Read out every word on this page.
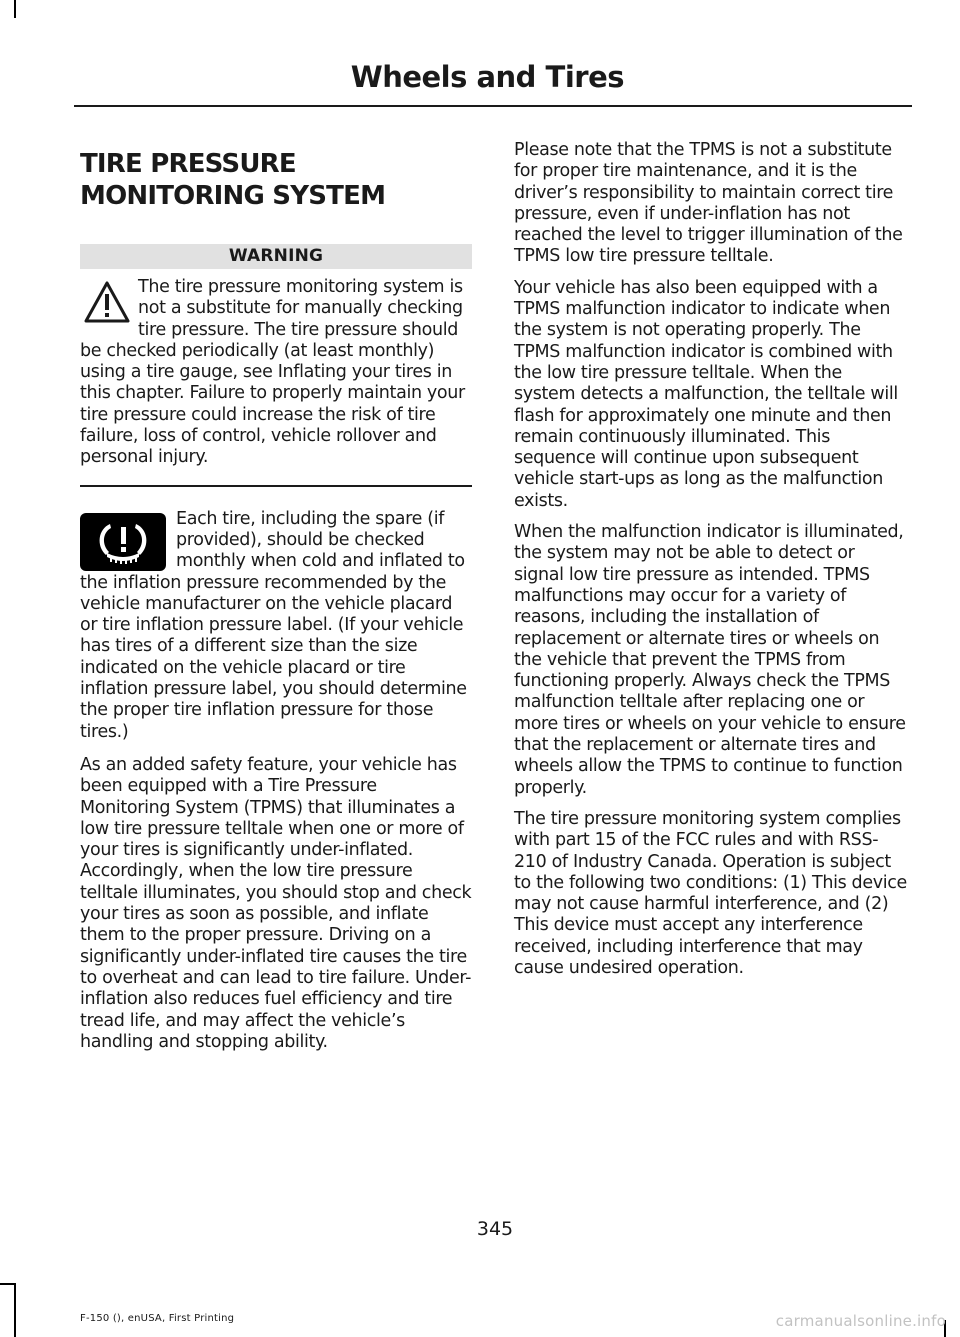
Wheels and Tires
TIRE PRESSURE MONITORING SYSTEM
WARNING
The tire pressure monitoring system is not a substitute for manually checking tire pressure. The tire pressure should be checked periodically (at least monthly) using a tire gauge, see Inflating your tires in this chapter. Failure to properly maintain your tire pressure could increase the risk of tire failure, loss of control, vehicle rollover and personal injury.
Each tire, including the spare (if provided), should be checked monthly when cold and inflated to the inflation pressure recommended by the vehicle manufacturer on the vehicle placard or tire inflation pressure label. (If your vehicle has tires of a different size than the size indicated on the vehicle placard or tire inflation pressure label, you should determine the proper tire inflation pressure for those tires.)

As an added safety feature, your vehicle has been equipped with a Tire Pressure Monitoring System (TPMS) that illuminates a low tire pressure telltale when one or more of your tires is significantly under-inflated. Accordingly, when the low tire pressure telltale illuminates, you should stop and check your tires as soon as possible, and inflate them to the proper pressure. Driving on a significantly under-inflated tire causes the tire to overheat and can lead to tire failure. Under-inflation also reduces fuel efficiency and tire tread life, and may affect the vehicle’s handling and stopping ability.

Please note that the TPMS is not a substitute for proper tire maintenance, and it is the driver’s responsibility to maintain correct tire pressure, even if under-inflation has not reached the level to trigger illumination of the TPMS low tire pressure telltale.

Your vehicle has also been equipped with a TPMS malfunction indicator to indicate when the system is not operating properly. The TPMS malfunction indicator is combined with the low tire pressure telltale. When the system detects a malfunction, the telltale will flash for approximately one minute and then remain continuously illuminated. This sequence will continue upon subsequent vehicle start-ups as long as the malfunction exists.

When the malfunction indicator is illuminated, the system may not be able to detect or signal low tire pressure as intended. TPMS malfunctions may occur for a variety of reasons, including the installation of replacement or alternate tires or wheels on the vehicle that prevent the TPMS from functioning properly. Always check the TPMS malfunction telltale after replacing one or more tires or wheels on your vehicle to ensure that the replacement or alternate tires and wheels allow the TPMS to continue to function properly.

The tire pressure monitoring system complies with part 15 of the FCC rules and with RSS-210 of Industry Canada. Operation is subject to the following two conditions: (1) This device may not cause harmful interference, and (2) This device must accept any interference received, including interference that may cause undesired operation.

345
F-150 (), enUSA, First Printing	carmanualsonline.info
